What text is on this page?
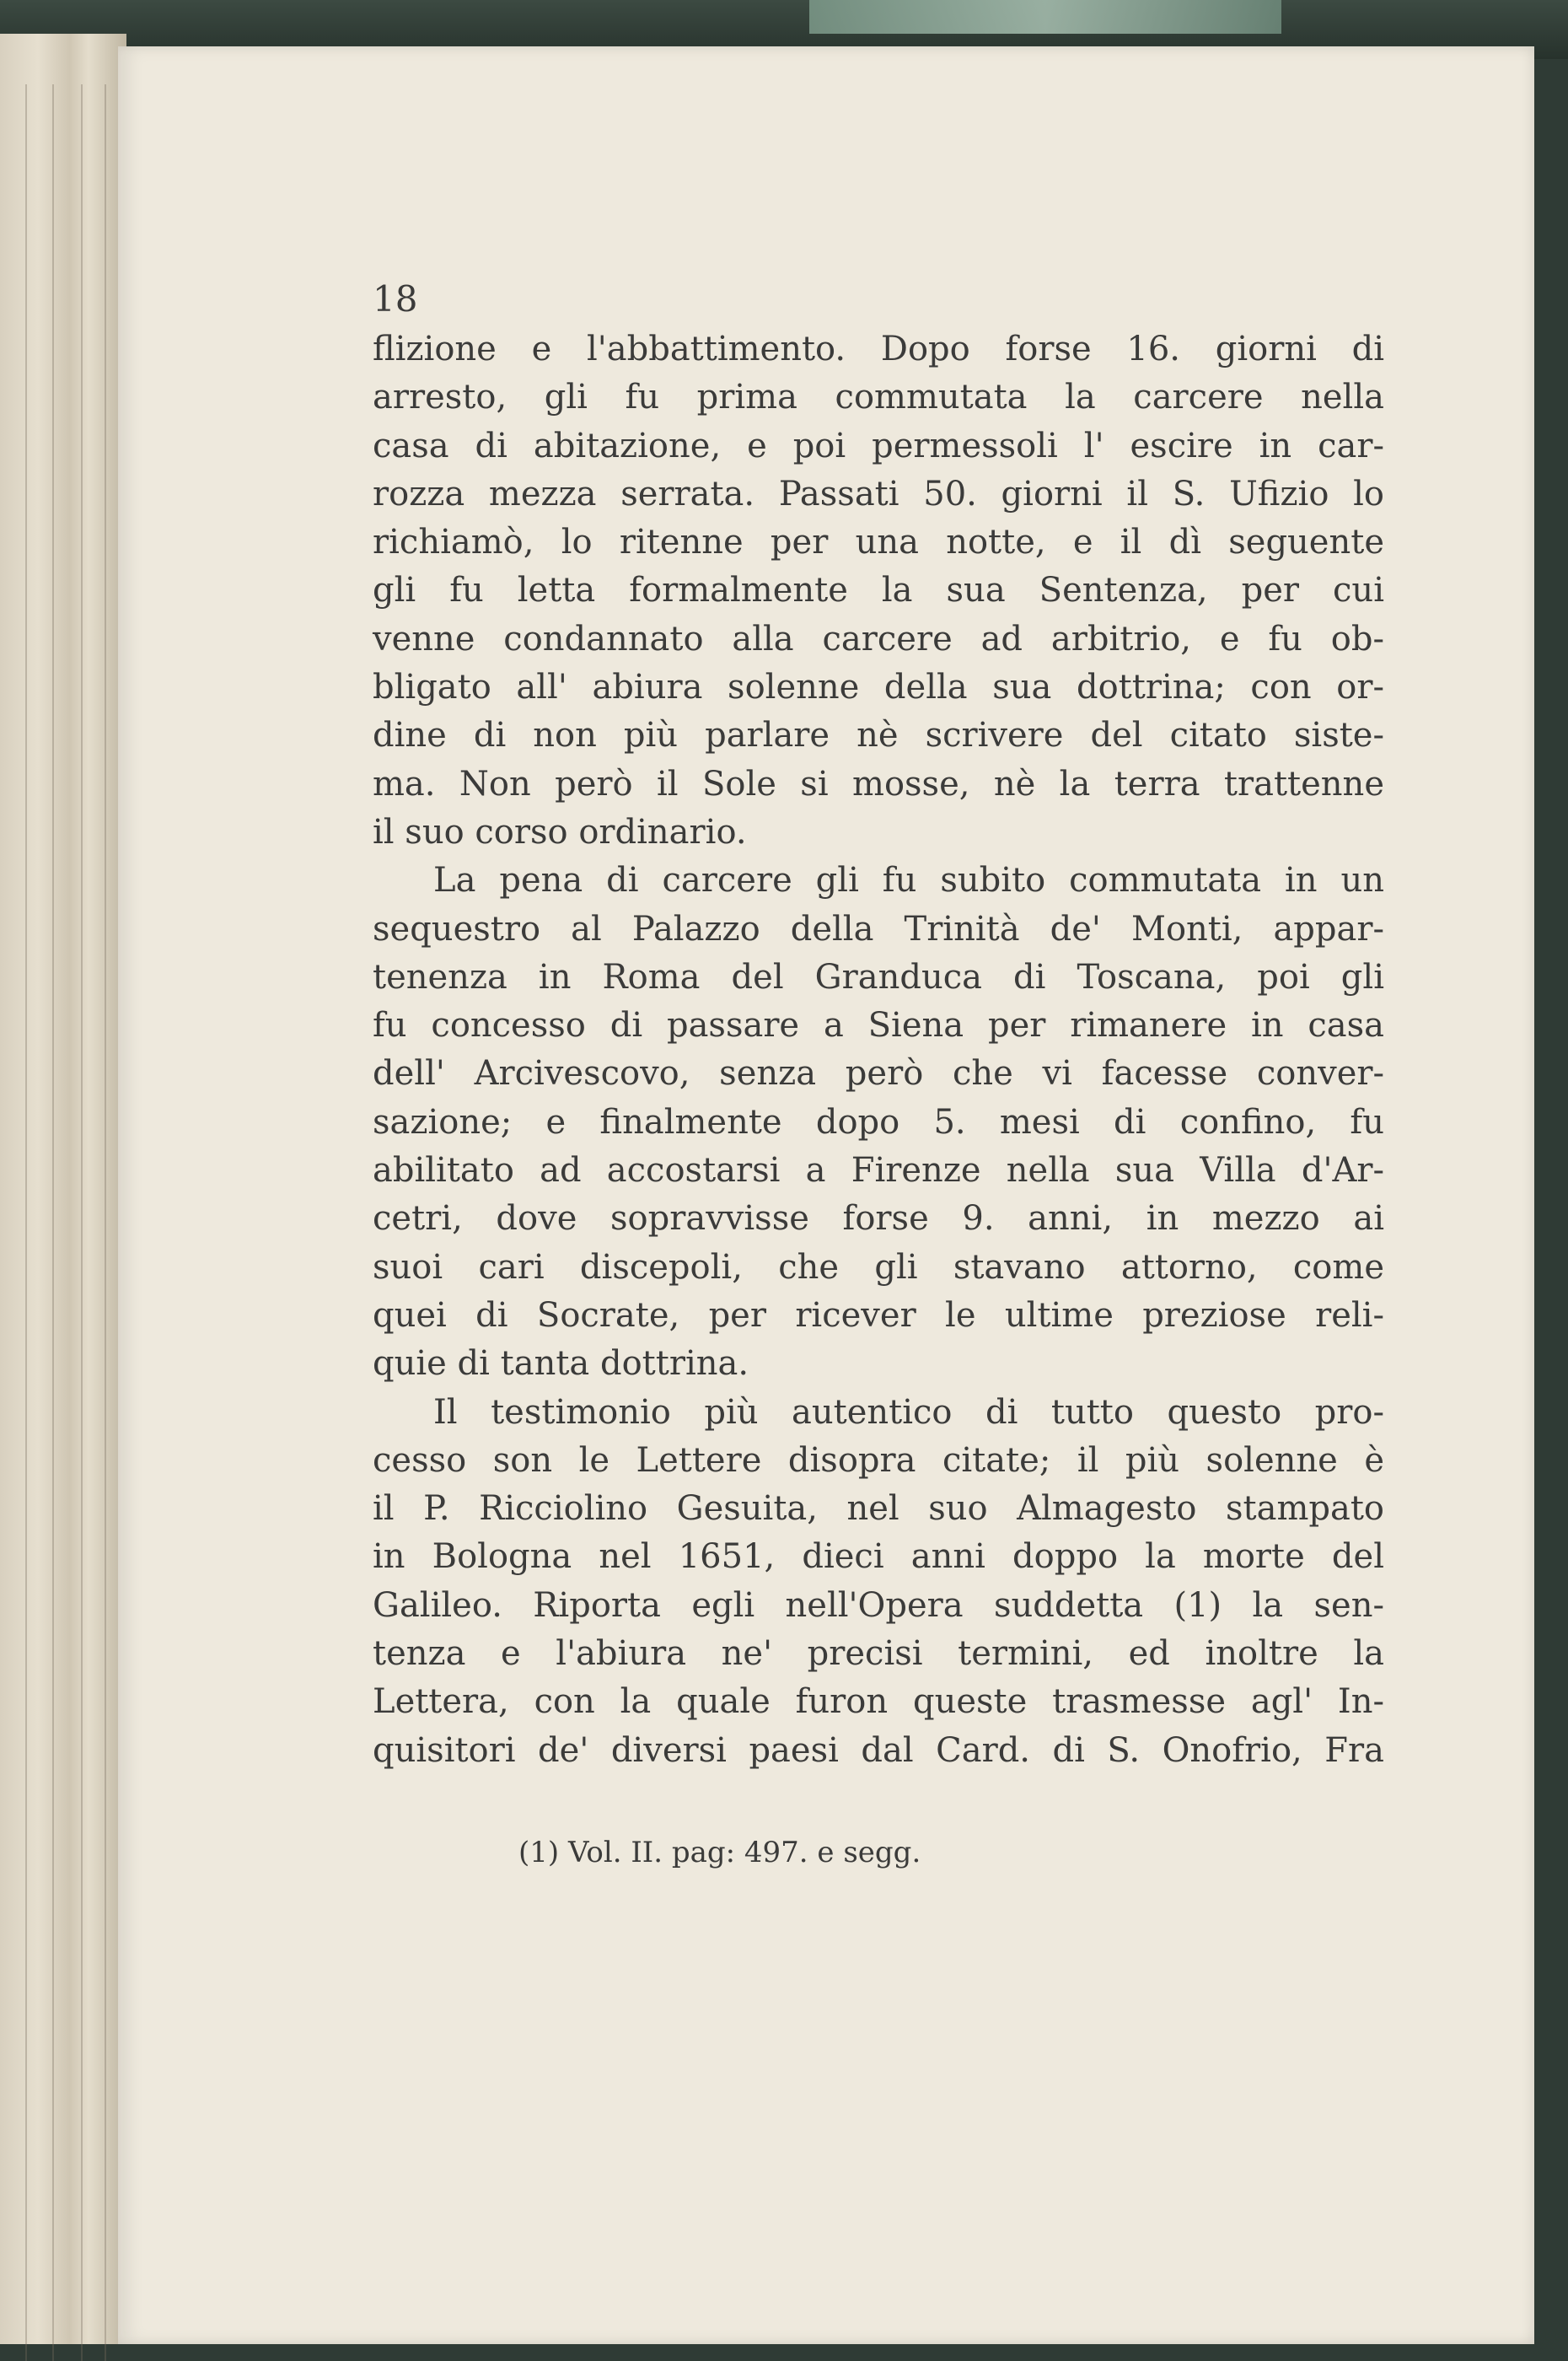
18

flizione e l'abbattimento. Dopo forse 16. giorni di
arresto, gli fu prima commutata la carcere nella
casa di abitazione, e poi permessoli l' escire in car-
rozza mezza serrata. Passati 50. giorni il S. Ufizio lo
richiamò, lo ritenne per una notte, e il dì seguente
gli fu letta formalmente la sua Sentenza, per cui
venne condannato alla carcere ad arbitrio, e fu ob-
bligato all' abiura solenne della sua dottrina; con or-
dine di non più parlare nè scrivere del citato siste-
ma. Non però il Sole si mosse, nè la terra trattenne
il suo corso ordinario.

La pena di carcere gli fu subito commutata in un
sequestro al Palazzo della Trinità de' Monti, appar-
tenenza in Roma del Granduca di Toscana, poi gli
fu concesso di passare a Siena per rimanere in casa
dell' Arcivescovo, senza però che vi facesse conver-
sazione; e finalmente dopo 5. mesi di confino, fu
abilitato ad accostarsi a Firenze nella sua Villa d'Ar-
cetri, dove sopravvisse forse 9. anni, in mezzo ai
suoi cari discepoli, che gli stavano attorno, come
quei di Socrate, per ricever le ultime preziose reli-
quie di tanta dottrina.

Il testimonio più autentico di tutto questo pro-
cesso son le Lettere disopra citate; il più solenne è
il P. Ricciolino Gesuita, nel suo Almagesto stampato
in Bologna nel 1651, dieci anni doppo la morte del
Galileo. Riporta egli nell'Opera suddetta (1) la sen-
tenza e l'abiura ne' precisi termini, ed inoltre la
Lettera, con la quale furon queste trasmesse agl' In-
quisitori de' diversi paesi dal Card. di S. Onofrio, Fra

(1) Vol. II. pag: 497. e segg.
